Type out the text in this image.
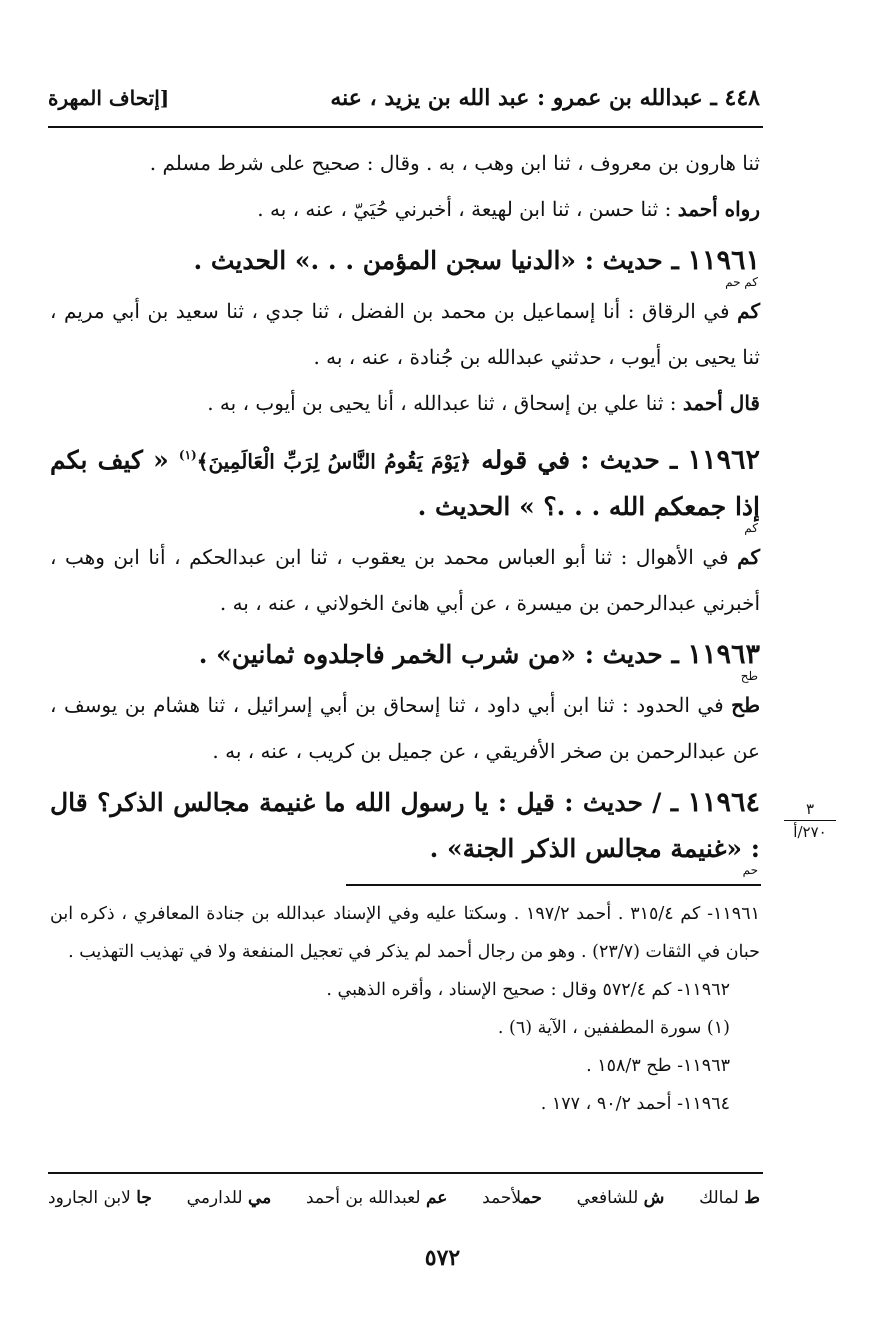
٤٤٨ ـ عبدالله بن عمرو : عبد الله بن يزيد ، عنه
[إتحاف المهرة

ثنا هارون بن معروف ، ثنا ابن وهب ، به . وقال : صحيح على شرط مسلم .

رواه أحمد : ثنا حسن ، ثنا ابن لهيعة ، أخبرني حُيَيّ ، عنه ، به .

١١٩٦١ ـ حديث : «الدنيا سجن المؤمن . . .» الحديث .

كم حم

كم في الرقاق : أنا إسماعيل بن محمد بن الفضل ، ثنا جدي ، ثنا سعيد بن أبي مريم ، ثنا يحيى بن أيوب ، حدثني عبدالله بن جُنادة ، عنه ، به .

قال أحمد : ثنا علي بن إسحاق ، ثنا عبدالله ، أنا يحيى بن أيوب ، به .

١١٩٦٢ ـ حديث : في قوله ﴿يَوْمَ يَقُومُ النَّاسُ لِرَبِّ الْعَالَمِينَ﴾$^{(١)}$ « كيف بكم إذا جمعكم الله . . .؟ » الحديث .

كم

كم في الأهوال : ثنا أبو العباس محمد بن يعقوب ، ثنا ابن عبدالحكم ، أنا ابن وهب ، أخبرني عبدالرحمن بن ميسرة ، عن أبي هانئ الخولاني ، عنه ، به .

١١٩٦٣ ـ حديث : «من شرب الخمر فاجلدوه ثمانين» .

طح

طح في الحدود : ثنا ابن أبي داود ، ثنا إسحاق بن أبي إسرائيل ، ثنا هشام بن يوسف ، عن عبدالرحمن بن صخر الأفريقي ، عن جميل بن كريب ، عنه ، به .

١١٩٦٤ ـ / حديث : قيل : يا رسول الله ما غنيمة مجالس الذكر؟ قال : «غنيمة مجالس الذكر الجنة» .

حم
٣
٢٧٠/أ

١١٩٦١- كم ٣١٥/٤ . أحمد ١٩٧/٢ . وسكتا عليه وفي الإسناد عبدالله بن جنادة المعافري ، ذكره ابن حبان في الثقات (٢٣/٧) . وهو من رجال أحمد لم يذكر في تعجيل المنفعة ولا في تهذيب التهذيب .

١١٩٦٢- كم ٥٧٢/٤ وقال : صحيح الإسناد ، وأقره الذهبي .

(١) سورة المطففين ، الآية (٦) .

١١٩٦٣- طح ١٥٨/٣ .

١١٩٦٤- أحمد ٩٠/٢ ، ١٧٧ .

ط لمالك
ش للشافعي
حملأحمد
عم لعبدالله بن أحمد
مي للدارمي
جا لابن الجارود
٥٧٢
